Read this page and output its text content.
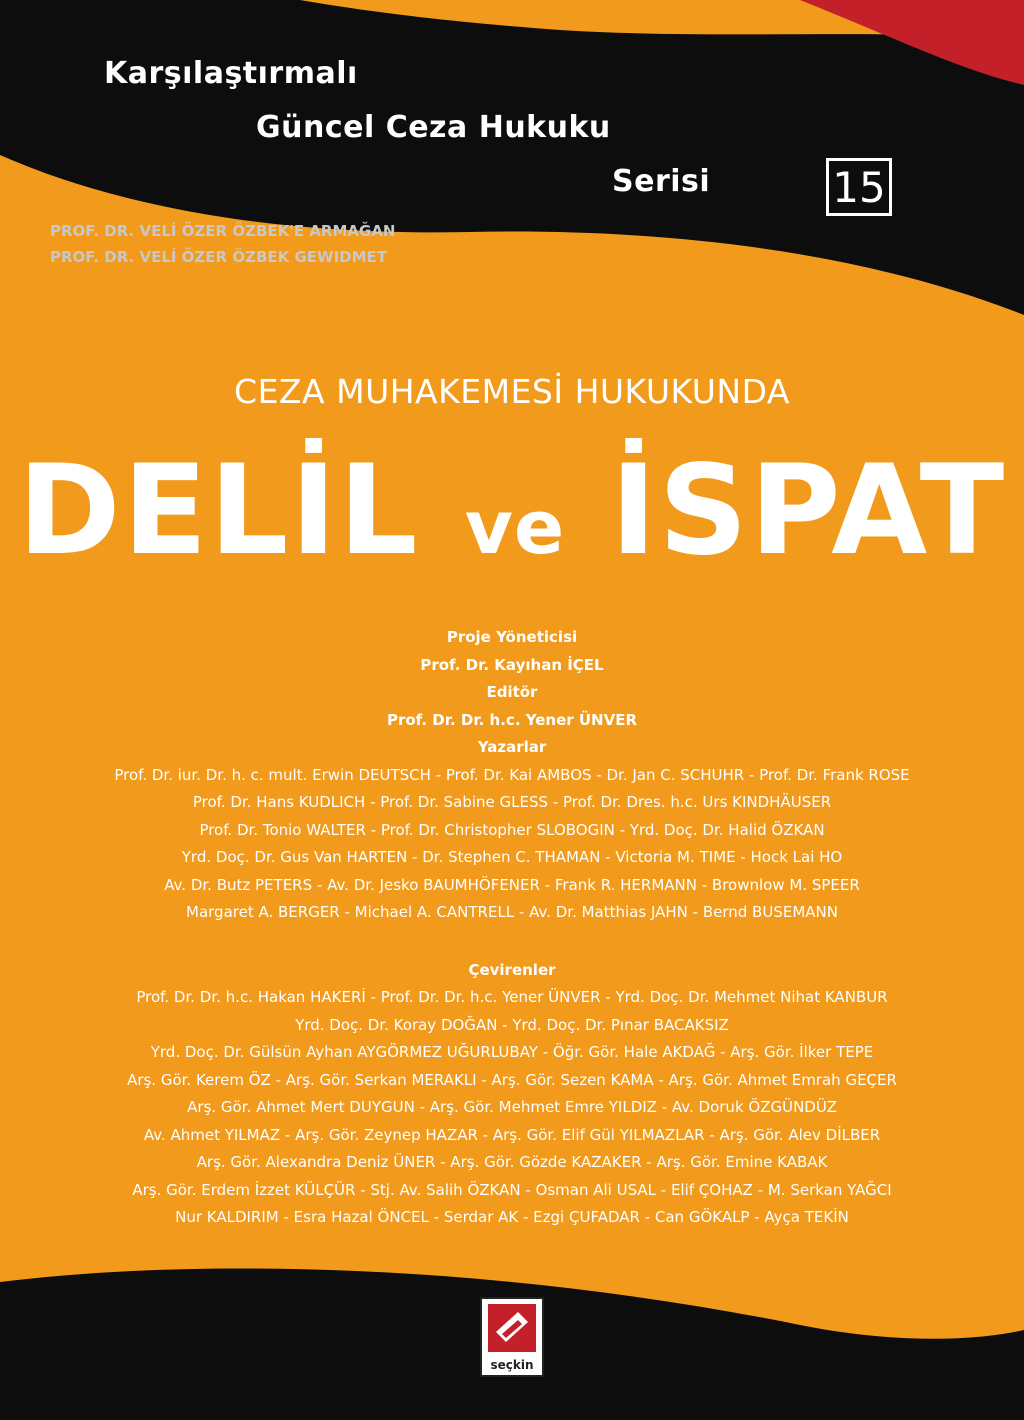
Karşılaştırmalı
Güncel Ceza Hukuku
Serisi	15
PROF. DR. VELİ ÖZER ÖZBEK'E ARMAĞAN
PROF. DR. VELİ ÖZER ÖZBEK GEWIDMET
CEZA MUHAKEMESİ HUKUKUNDA
DELİL ve İSPAT
Proje Yöneticisi
Prof. Dr. Kayıhan İÇEL
Editör
Prof. Dr. Dr. h.c. Yener ÜNVER
Yazarlar
Prof. Dr. iur. Dr. h. c. mult. Erwin DEUTSCH - Prof. Dr. Kai AMBOS - Dr. Jan C. SCHUHR - Prof. Dr. Frank ROSE
Prof. Dr. Hans KUDLICH - Prof. Dr. Sabine GLESS - Prof. Dr. Dres. h.c. Urs KINDHÄUSER
Prof. Dr. Tonio WALTER - Prof. Dr. Christopher SLOBOGIN - Yrd. Doç. Dr. Halid ÖZKAN
Yrd. Doç. Dr. Gus Van HARTEN - Dr. Stephen C. THAMAN - Victoria M. TIME - Hock Lai HO
Av. Dr. Butz PETERS - Av. Dr. Jesko BAUMHÖFENER - Frank R. HERMANN - Brownlow M. SPEER
Margaret A. BERGER - Michael A. CANTRELL - Av. Dr. Matthias JAHN - Bernd BUSEMANN
Çevirenler
Prof. Dr. Dr. h.c. Hakan HAKERİ - Prof. Dr. Dr. h.c. Yener ÜNVER - Yrd. Doç. Dr. Mehmet Nihat KANBUR
Yrd. Doç. Dr. Koray DOĞAN - Yrd. Doç. Dr. Pınar BACAKSIZ
Yrd. Doç. Dr. Gülsün Ayhan AYGÖRMEZ UĞURLUBAY - Öğr. Gör. Hale AKDAĞ - Arş. Gör. İlker TEPE
Arş. Gör. Kerem ÖZ - Arş. Gör. Serkan MERAKLI - Arş. Gör. Sezen KAMA - Arş. Gör. Ahmet Emrah GEÇER
Arş. Gör. Ahmet Mert DUYGUN - Arş. Gör. Mehmet Emre YILDIZ - Av. Doruk ÖZGÜNDÜZ
Av. Ahmet YILMAZ - Arş. Gör. Zeynep HAZAR - Arş. Gör. Elif Gül YILMAZLAR - Arş. Gör. Alev DİLBER
Arş. Gör. Alexandra Deniz ÜNER - Arş. Gör. Gözde KAZAKER - Arş. Gör. Emine KABAK
Arş. Gör. Erdem İzzet KÜLÇÜR - Stj. Av. Salih ÖZKAN - Osman Ali USAL - Elif ÇOHAZ - M. Serkan YAĞCI
Nur KALDIRIM - Esra Hazal ÖNCEL - Serdar AK - Ezgi ÇUFADAR - Can GÖKALP - Ayça TEKİN
seçkin
